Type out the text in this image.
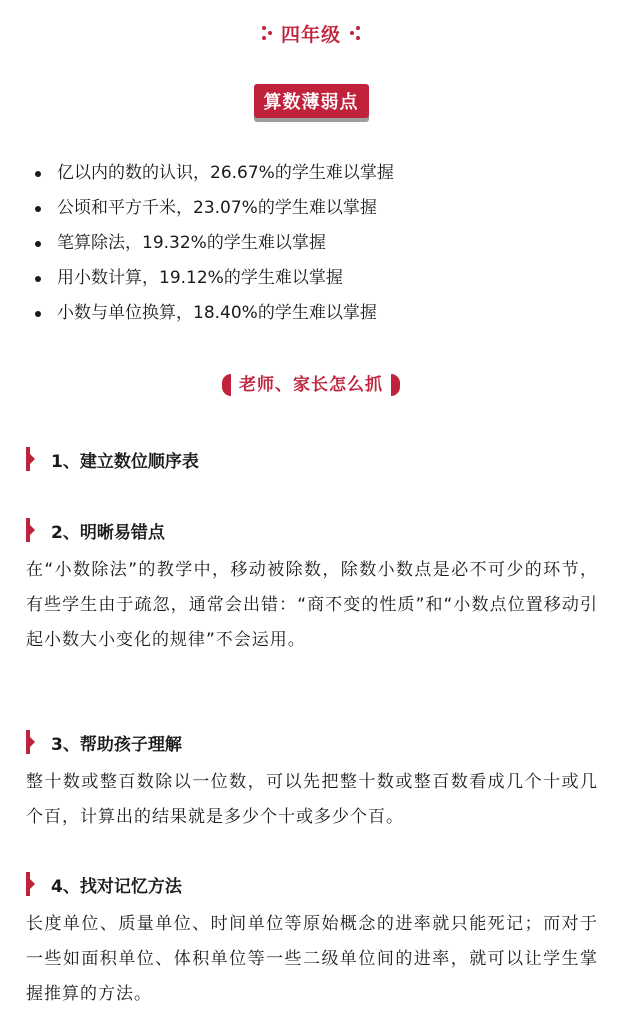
四年级
算数薄弱点
亿以内的数的认识，26.67%的学生难以掌握
公顷和平方千米，23.07%的学生难以掌握
笔算除法，19.32%的学生难以掌握
用小数计算，19.12%的学生难以掌握
小数与单位换算，18.40%的学生难以掌握
老师、家长怎么抓
1、建立数位顺序表
2、明晰易错点

在“小数除法”的教学中，移动被除数，除数小数点是必不可少的环节，有些学生由于疏忽，通常会出错：“商不变的性质”和“小数点位置移动引起小数大小变化的规律”不会运用。

3、帮助孩子理解

整十数或整百数除以一位数，可以先把整十数或整百数看成几个十或几个百，计算出的结果就是多少个十或多少个百。

4、找对记忆方法

长度单位、质量单位、时间单位等原始概念的进率就只能死记；而对于一些如面积单位、体积单位等一些二级单位间的进率，就可以让学生掌握推算的方法。
